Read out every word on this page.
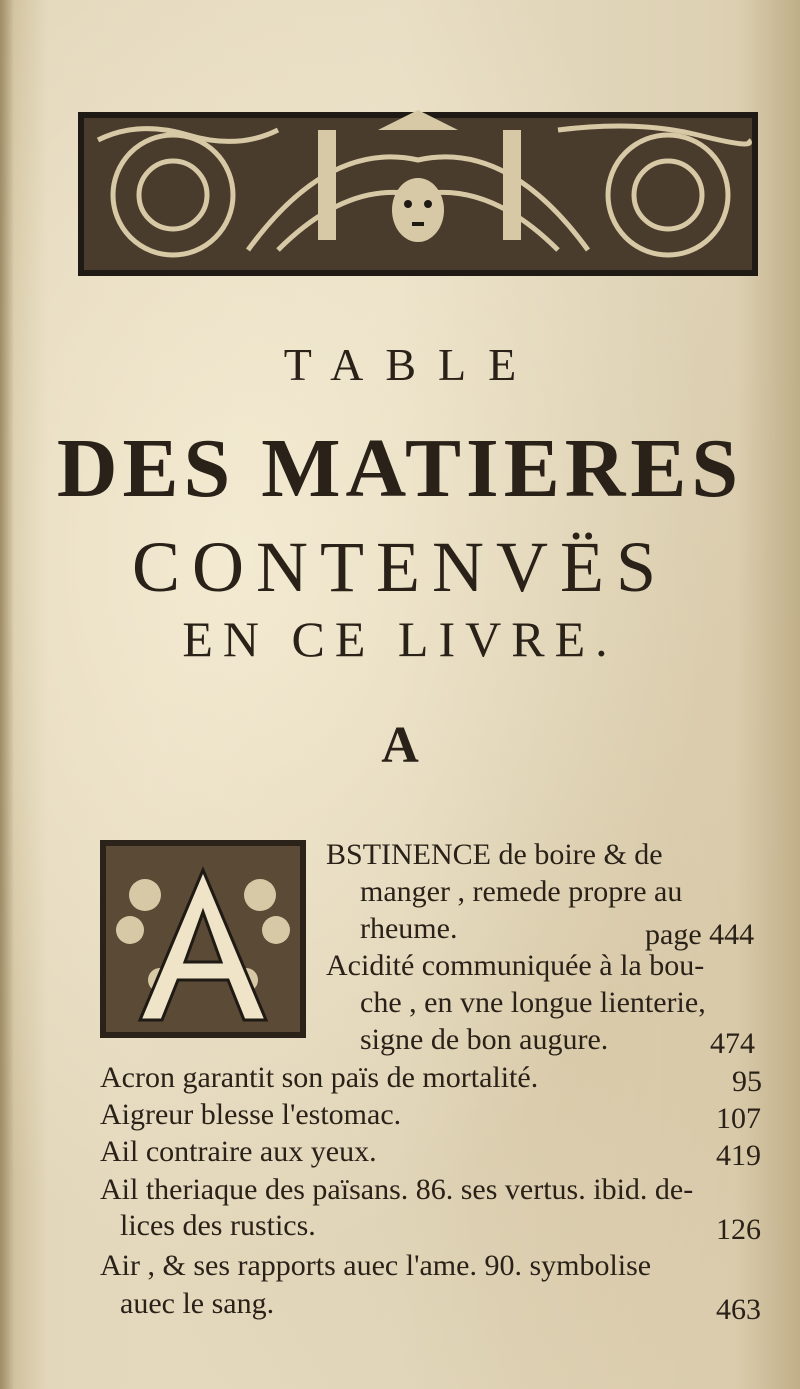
TABLE
DES MATIERES
CONTENVËS
EN CE LIVRE.
A
BSTINENCE de boire & de
manger , remede propre au
rheume.	page 444
Acidité communiquée à la bou-
che , en vne longue lienterie,
signe de bon augure.	474
Acron garantit son païs de mortalité.	95
Aigreur blesse l'estomac.	107
Ail contraire aux yeux.	419
Ail theriaque des païsans. 86. ses vertus. ibid. de-
lices des rustics.	126
Air , & ses rapports auec l'ame. 90. symbolise
auec le sang.	463
